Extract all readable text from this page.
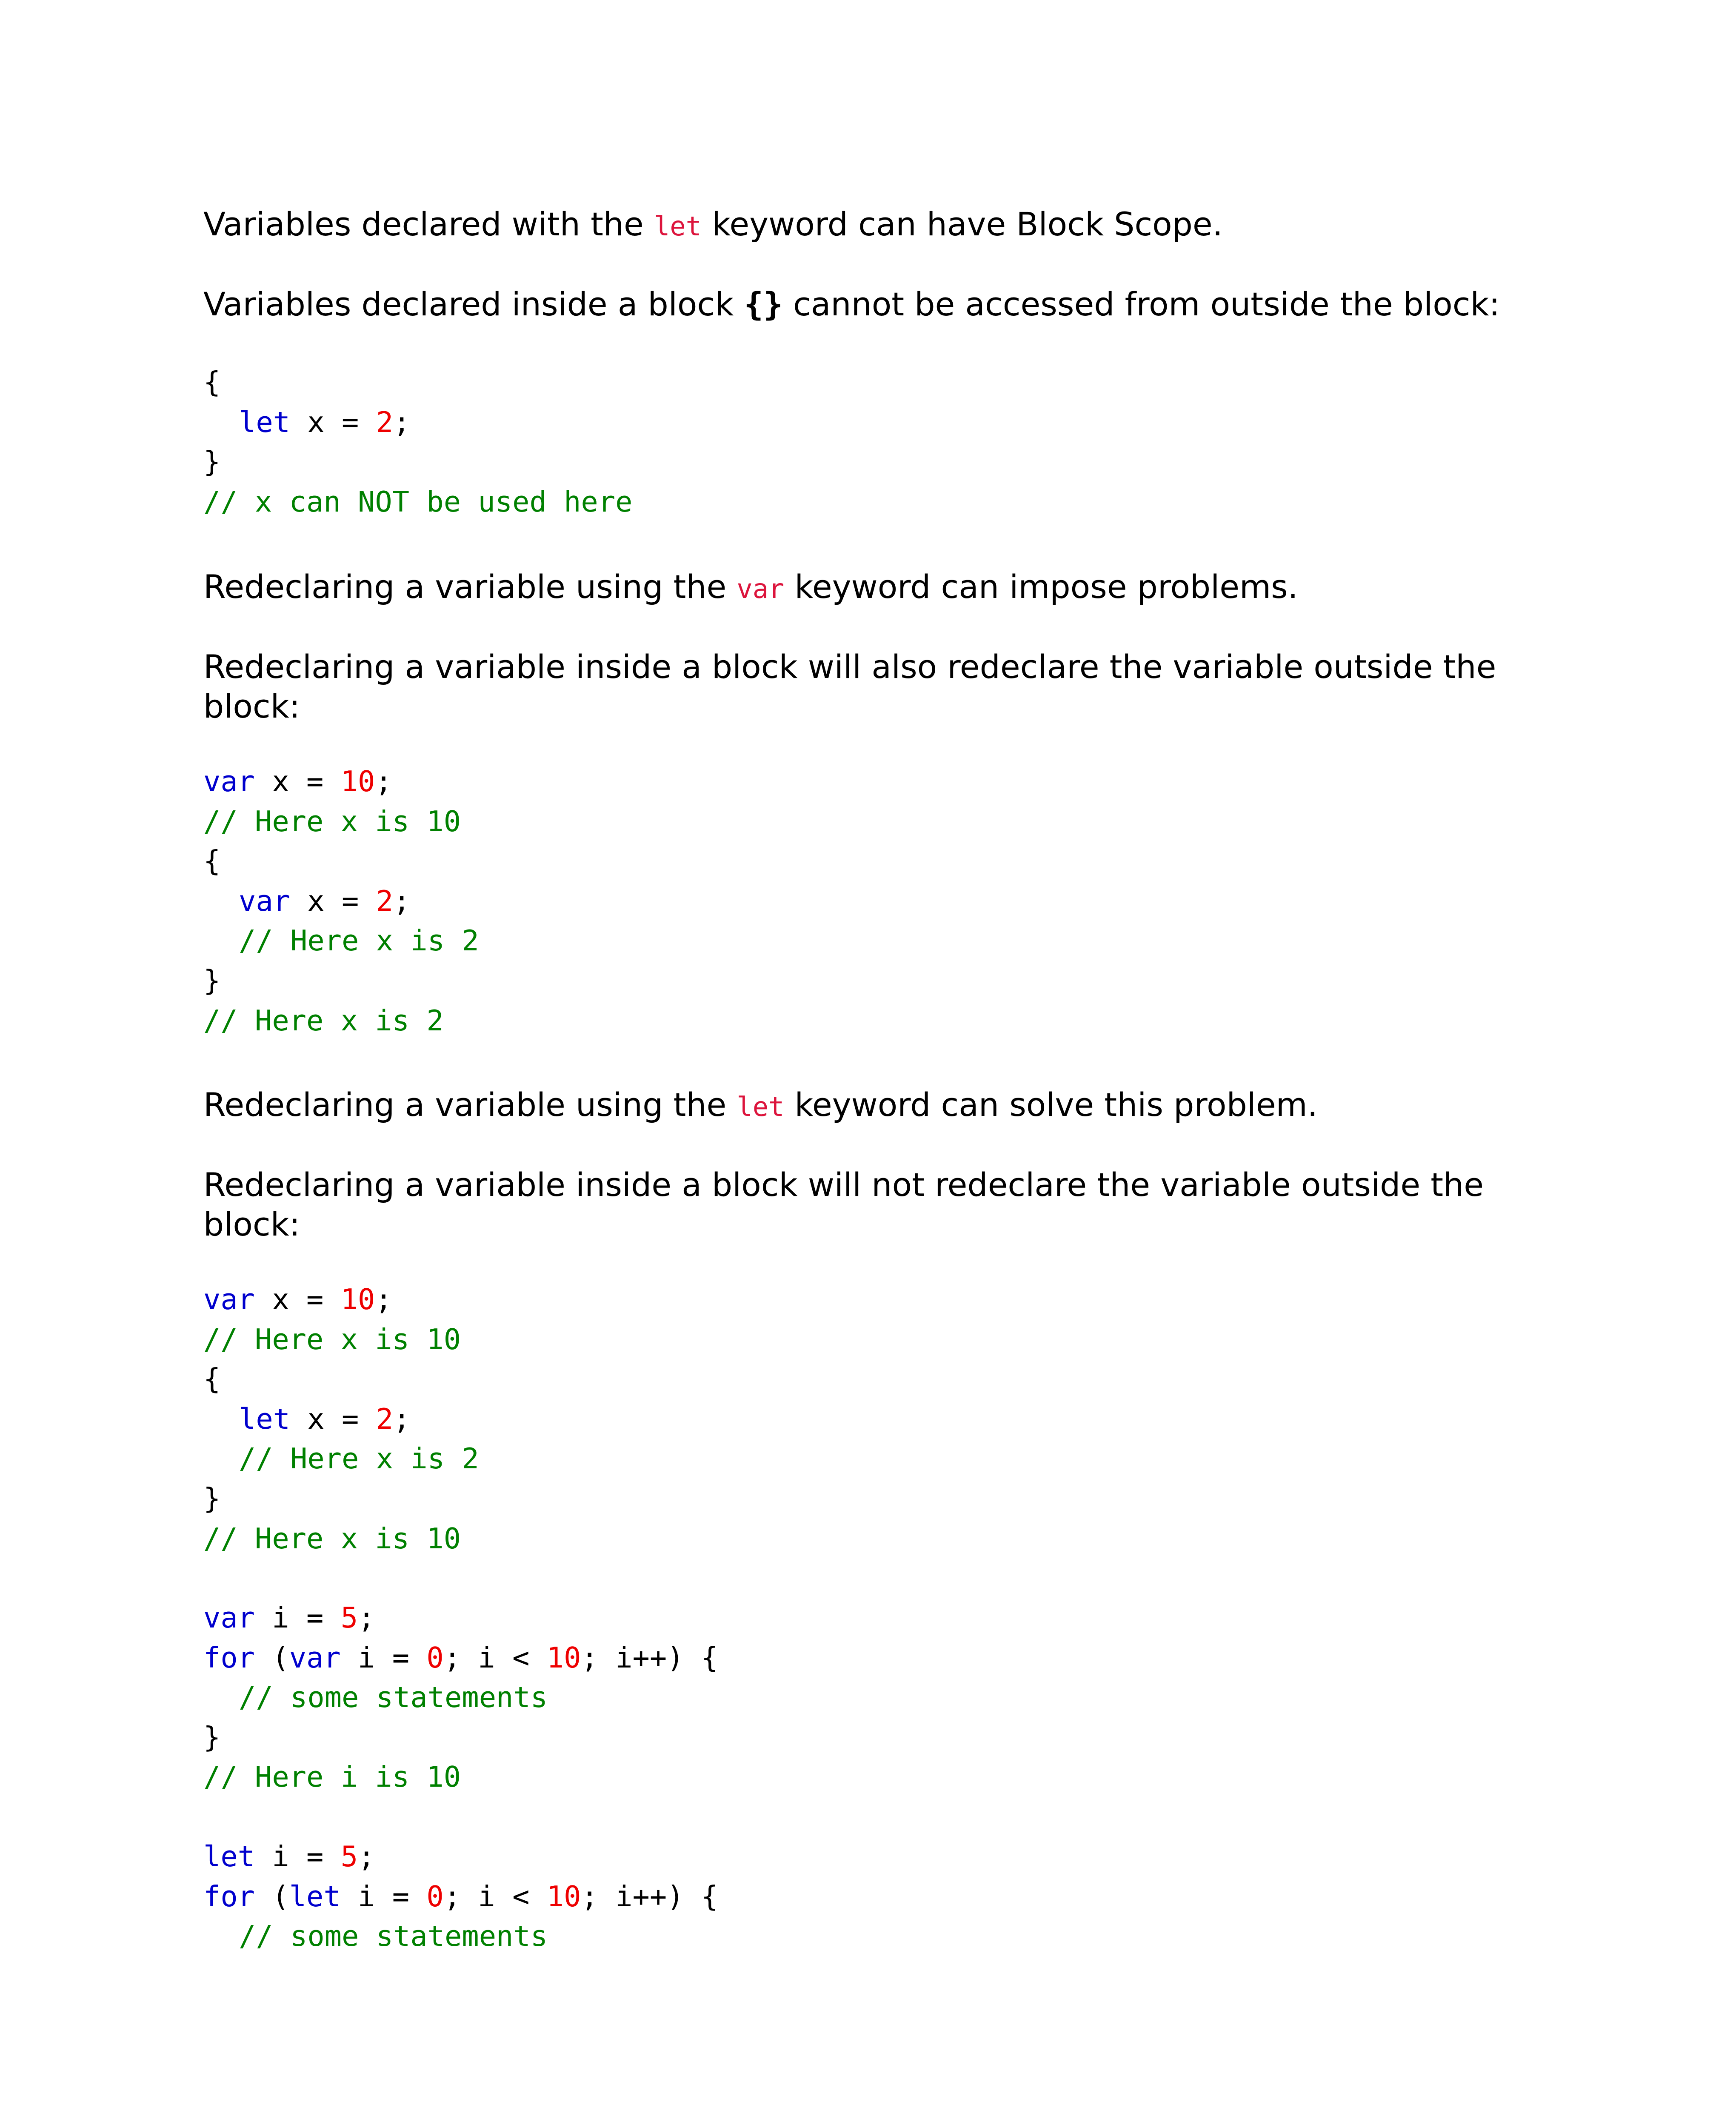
Variables declared with the let keyword can have Block Scope.
Variables declared inside a block {} cannot be accessed from outside the block:
{
let x = 2;
}
// x can NOT be used here
Redeclaring a variable using the var keyword can impose problems.
Redeclaring a variable inside a block will also redeclare the variable outside the
block:
var x = 10;
// Here x is 10
{
var x = 2;
// Here x is 2
}
// Here x is 2
Redeclaring a variable using the let keyword can solve this problem.
Redeclaring a variable inside a block will not redeclare the variable outside the
block:
var x = 10;
// Here x is 10
{
let x = 2;
// Here x is 2
}
// Here x is 10
var i = 5;
for (var i = 0; i < 10; i++) {
// some statements
}
// Here i is 10
let i = 5;
for (let i = 0; i < 10; i++) {
// some statements
